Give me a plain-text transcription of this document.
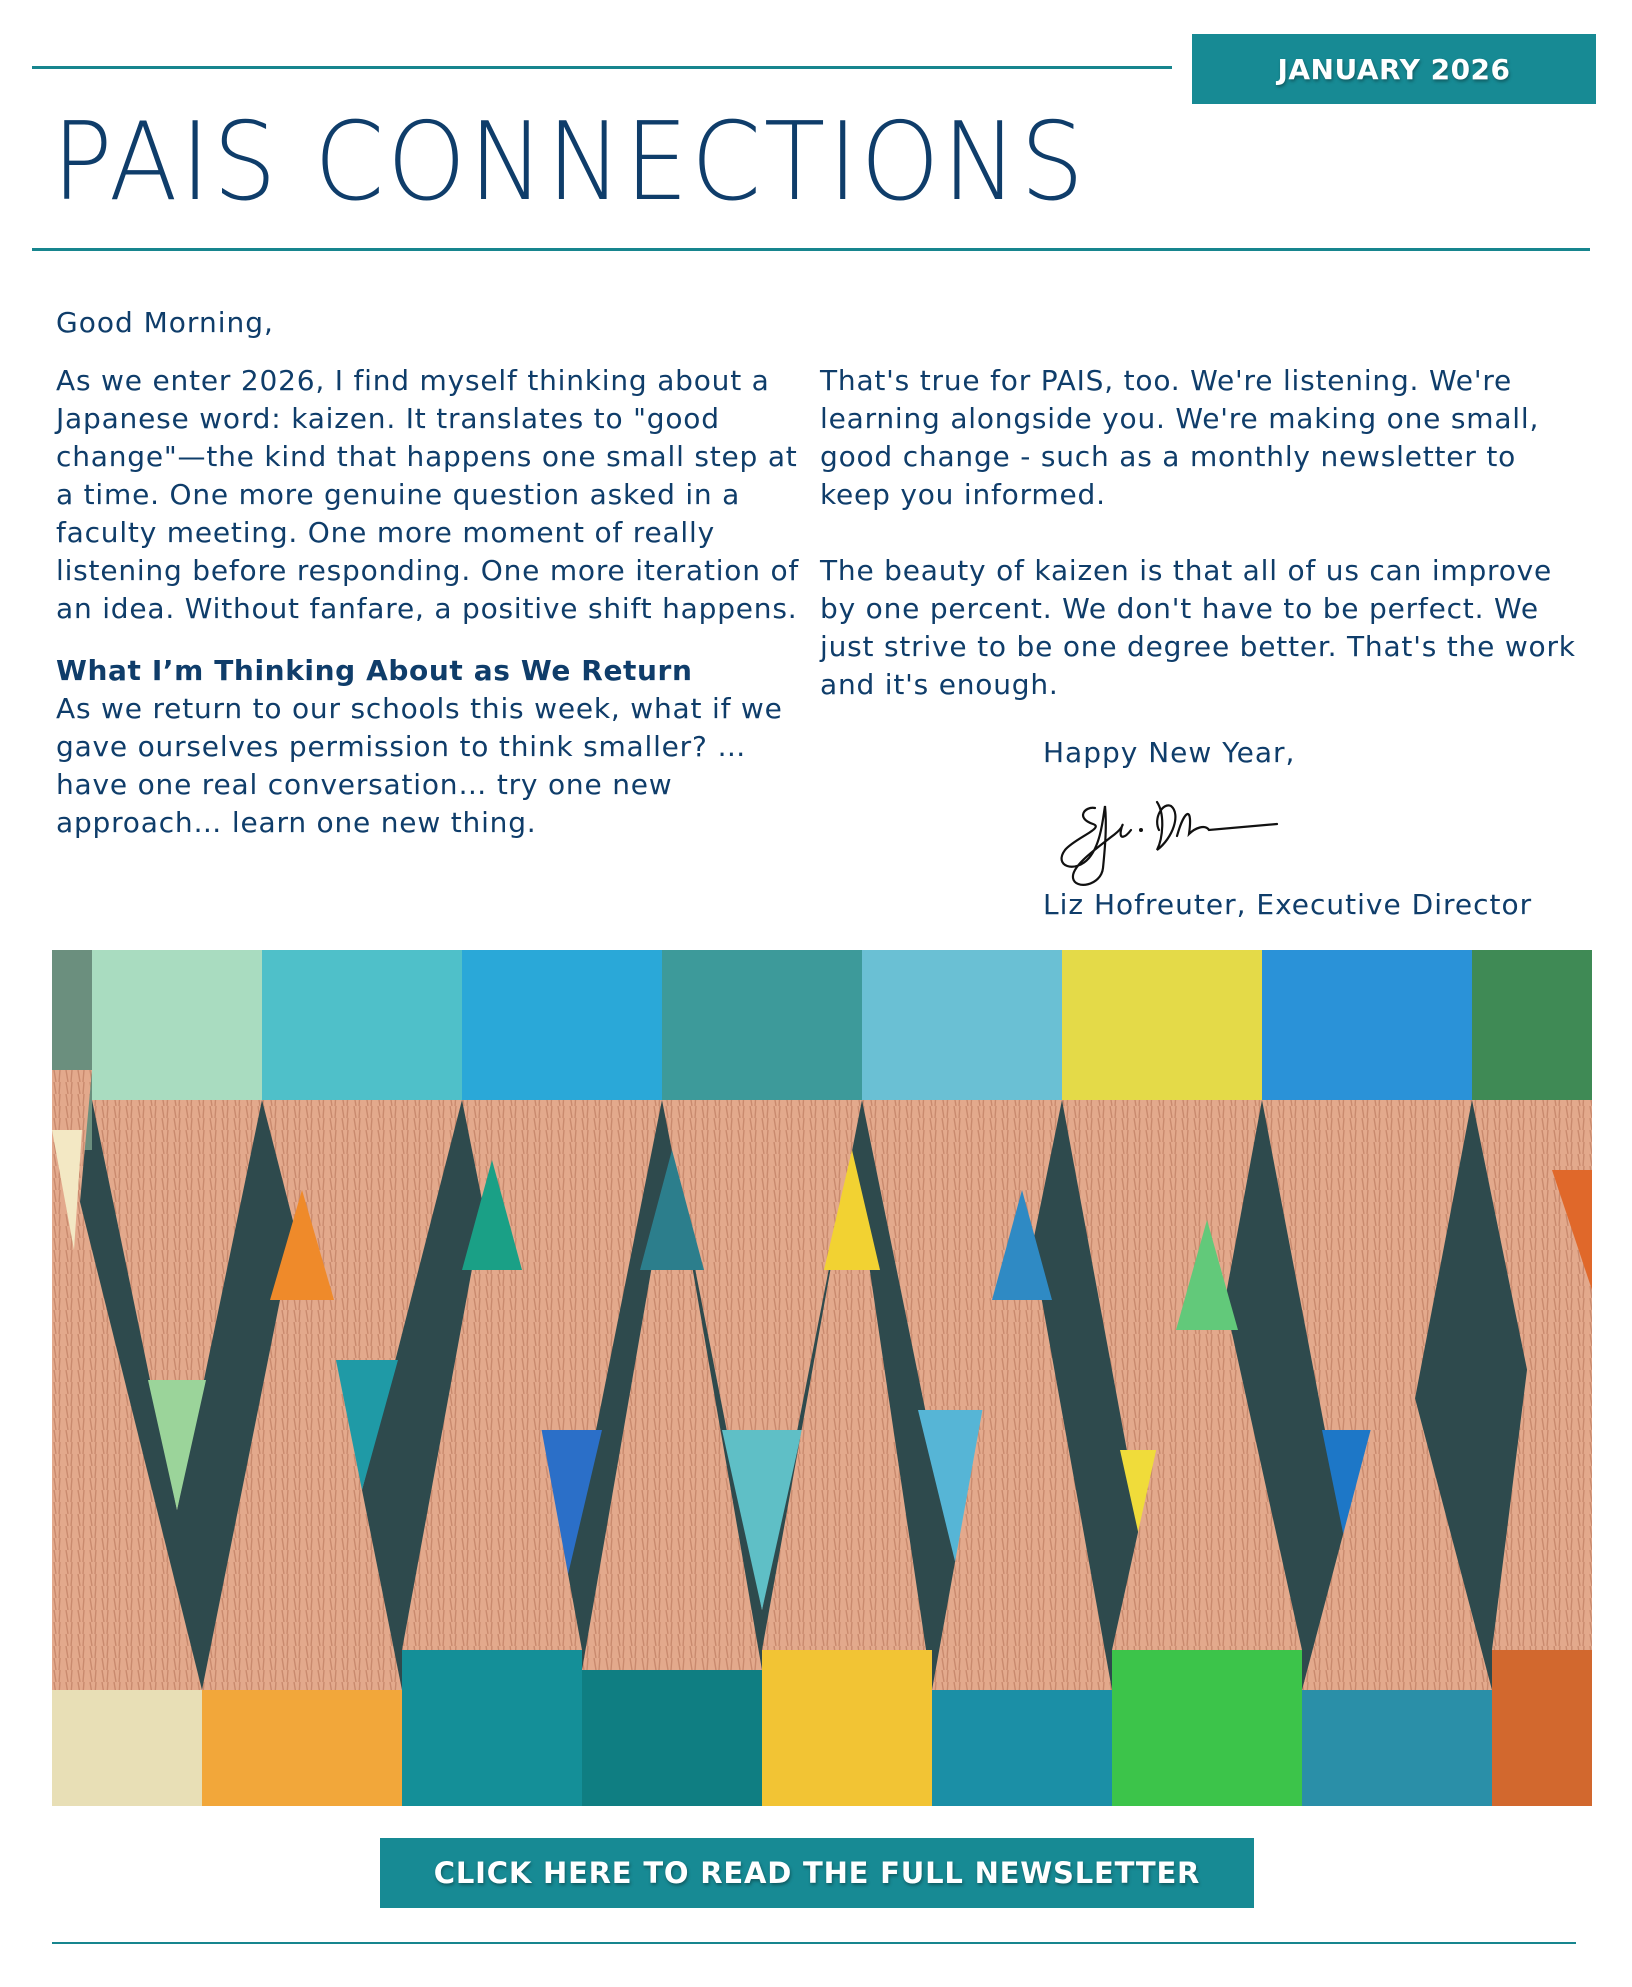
JANUARY 2026
PAIS CONNECTIONS
Good Morning,

As we enter 2026, I find myself thinking about a Japanese word: kaizen. It translates to "good change"—the kind that happens one small step at a time. One more genuine question asked in a faculty meeting. One more moment of really listening before responding. One more iteration of an idea. Without fanfare, a positive shift happens.

What I’m Thinking About as We Return

As we return to our schools this week, what if we gave ourselves permission to think smaller? …have one real conversation… try one new approach… learn one new thing.

That's true for PAIS, too. We're listening. We're learning alongside you. We're making one small, good change - such as a monthly newsletter to keep you informed.

The beauty of kaizen is that all of us can improve by one percent. We don't have to be perfect. We just strive to be one degree better. That's the work and it's enough.

Happy New Year,
Liz Hofreuter, Executive Director
CLICK HERE TO READ THE FULL NEWSLETTER
